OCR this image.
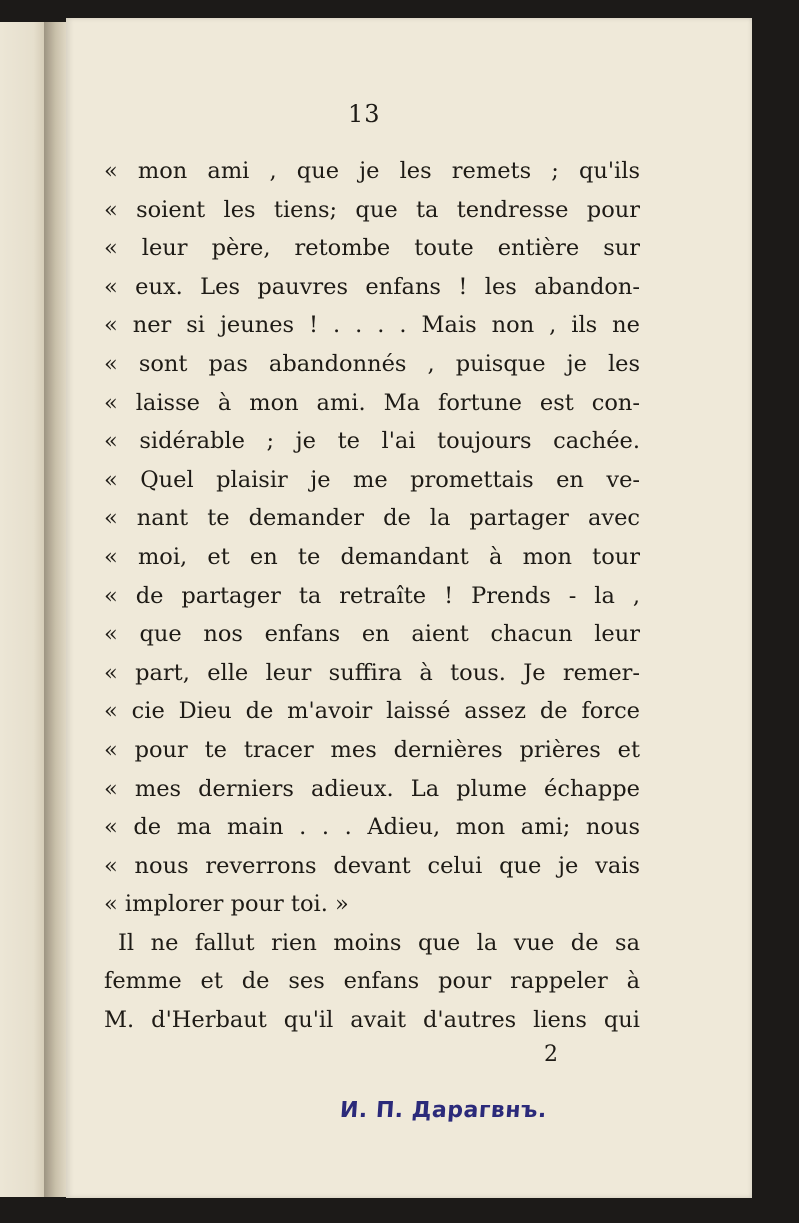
13
« mon ami , que je les remets ; qu'ils
« soient les tiens; que ta tendresse pour
« leur père, retombe toute entière sur
« eux. Les pauvres enfans ! les abandon-
« ner si jeunes ! . . . . Mais non , ils ne
« sont pas abandonnés , puisque je les
« laisse à mon ami. Ma fortune est con-
« sidérable ; je te l'ai toujours cachée.
« Quel plaisir je me promettais en ve-
« nant te demander de la partager avec
« moi, et en te demandant à mon tour
« de partager ta retraîte ! Prends - la ,
« que nos enfans en aient chacun leur
« part, elle leur suffira à tous. Je remer-
« cie Dieu de m'avoir laissé assez de force
« pour te tracer mes dernières prières et
« mes derniers adieux. La plume échappe
« de ma main . . . Adieu, mon ami; nous
« nous reverrons devant celui que je vais
« implorer pour toi. »
Il ne fallut rien moins que la vue de sa
femme et de ses enfans pour rappeler à
M. d'Herbaut qu'il avait d'autres liens qui
2
И. П. Дарагвнъ.
